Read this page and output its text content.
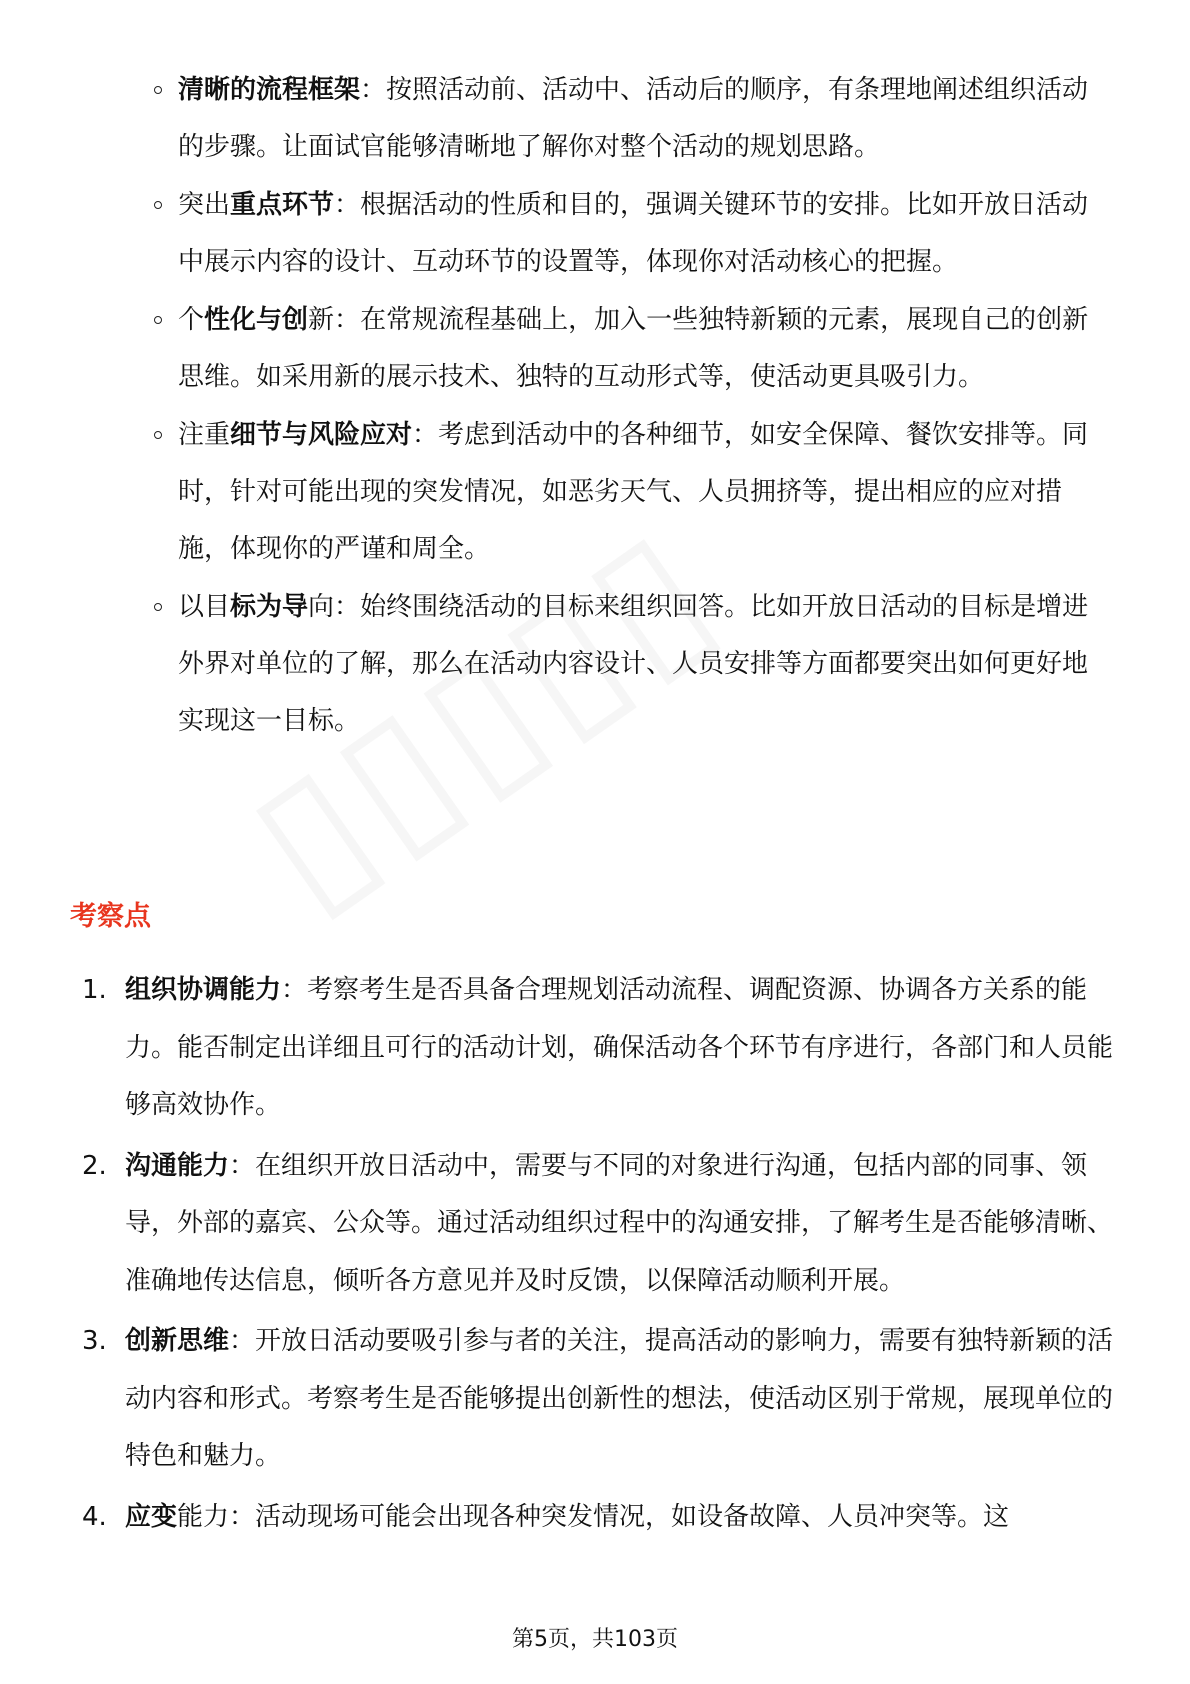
清晰的流程框架：按照活动前、活动中、活动后的顺序，有条理地阐述组织活动的步骤。让面试官能够清晰地了解你对整个活动的规划思路。
突出重点环节：根据活动的性质和目的，强调关键环节的安排。比如开放日活动中展示内容的设计、互动环节的设置等，体现你对活动核心的把握。
个性化与创新：在常规流程基础上，加入一些独特新颖的元素，展现自己的创新思维。如采用新的展示技术、独特的互动形式等，使活动更具吸引力。
注重细节与风险应对：考虑到活动中的各种细节，如安全保障、餐饮安排等。同时，针对可能出现的突发情况，如恶劣天气、人员拥挤等，提出相应的应对措施，体现你的严谨和周全。
以目标为导向：始终围绕活动的目标来组织回答。比如开放日活动的目标是增进外界对单位的了解，那么在活动内容设计、人员安排等方面都要突出如何更好地实现这一目标。
考察点
1. 组织协调能力：考察考生是否具备合理规划活动流程、调配资源、协调各方关系的能力。能否制定出详细且可行的活动计划，确保活动各个环节有序进行，各部门和人员能够高效协作。
2. 沟通能力：在组织开放日活动中，需要与不同的对象进行沟通，包括内部的同事、领导，外部的嘉宾、公众等。通过活动组织过程中的沟通安排，了解考生是否能够清晰、准确地传达信息，倾听各方意见并及时反馈，以保障活动顺利开展。
3. 创新思维：开放日活动要吸引参与者的关注，提高活动的影响力，需要有独特新颖的活动内容和形式。考察考生是否能够提出创新性的想法，使活动区别于常规，展现单位的特色和魅力。
4. 应变能力：活动现场可能会出现各种突发情况，如设备故障、人员冲突等。这
第5页，共103页
